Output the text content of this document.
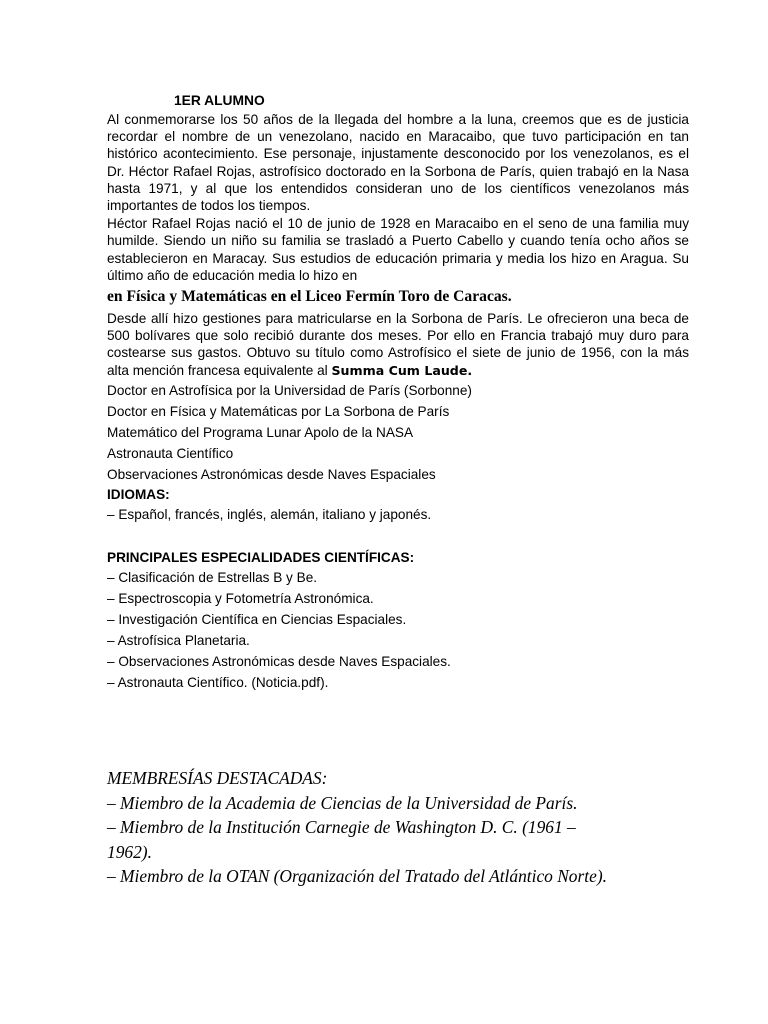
1ER ALUMNO
Al conmemorarse los 50 años de la llegada del hombre a la luna, creemos que es de justicia recordar el nombre de un venezolano, nacido en Maracaibo, que tuvo participación en tan histórico acontecimiento. Ese personaje, injustamente desconocido por los venezolanos, es el Dr. Héctor Rafael Rojas, astrofísico doctorado en la Sorbona de París, quien trabajó en la Nasa hasta 1971, y al que los entendidos consideran uno de los científicos venezolanos más importantes de todos los tiempos.
Héctor Rafael Rojas nació el 10 de junio de 1928 en Maracaibo en el seno de una familia muy humilde. Siendo un niño su familia se trasladó a Puerto Cabello y cuando tenía ocho años se establecieron en Maracay. Sus estudios de educación primaria y media los hizo en Aragua. Su último año de educación media lo hizo en
en Física y Matemáticas en el Liceo Fermín Toro de Caracas.
Desde allí hizo gestiones para matricularse en la Sorbona de París. Le ofrecieron una beca de 500 bolívares que solo recibió durante dos meses. Por ello en Francia trabajó muy duro para costearse sus gastos. Obtuvo su título como Astrofísico el siete de junio de 1956, con la más alta mención francesa equivalente al Summa Cum Laude.
Doctor en Astrofísica por la Universidad de París (Sorbonne)
Doctor en Física y Matemáticas por La Sorbona de París
Matemático del Programa Lunar Apolo de la NASA
Astronauta Científico
Observaciones Astronómicas desde Naves Espaciales
IDIOMAS:
– Español, francés, inglés, alemán, italiano y japonés.
PRINCIPALES ESPECIALIDADES CIENTÍFICAS:
– Clasificación de Estrellas B y Be.
– Espectroscopia y Fotometría Astronómica.
– Investigación Científica en Ciencias Espaciales.
– Astrofísica Planetaria.
– Observaciones Astronómicas desde Naves Espaciales.
– Astronauta Científico. (Noticia.pdf).
MEMBRESÍAS DESTACADAS:
– Miembro de la Academia de Ciencias de la Universidad de París.
– Miembro de la Institución Carnegie de Washington D. C. (1961 –
1962).
– Miembro de la OTAN (Organización del Tratado del Atlántico Norte).
